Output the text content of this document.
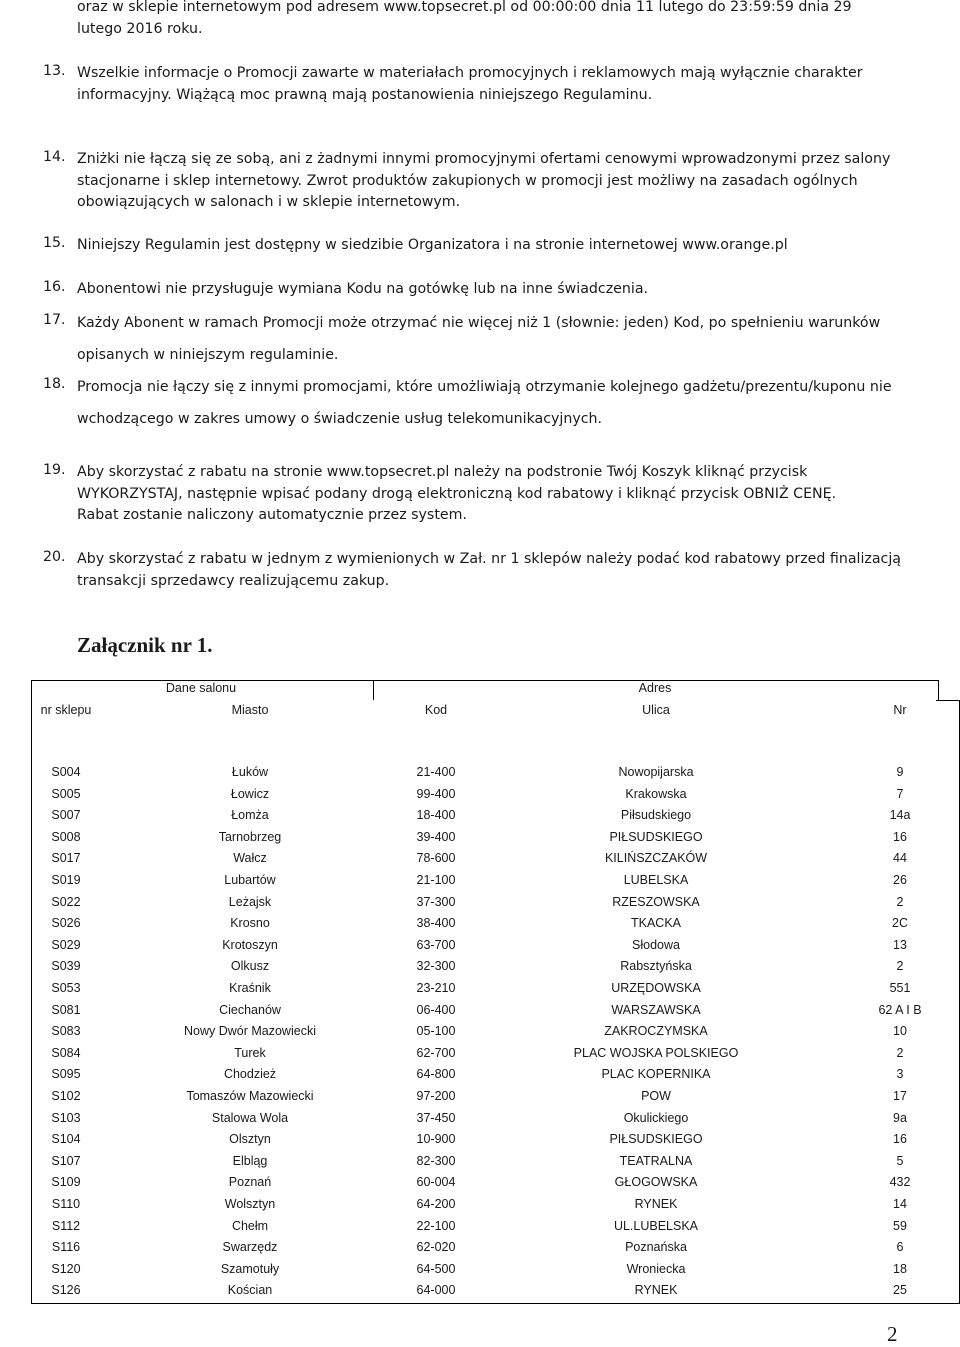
oraz w sklepie internetowym pod adresem www.topsecret.pl od 00:00:00 dnia 11 lutego do 23:59:59 dnia 29
lutego 2016 roku.
13. Wszelkie informacje o Promocji zawarte w materiałach promocyjnych i reklamowych mają wyłącznie charakter
informacyjny. Wiążącą moc prawną mają postanowienia niniejszego Regulaminu.
14. Zniżki nie łączą się ze sobą, ani z żadnymi innymi promocyjnymi ofertami cenowymi wprowadzonymi przez salony
stacjonarne i sklep internetowy. Zwrot produktów zakupionych w promocji jest możliwy na zasadach ogólnych
obowiązujących w salonach i w sklepie internetowym.
15. Niniejszy Regulamin jest dostępny w siedzibie Organizatora i na stronie internetowej www.orange.pl
16. Abonentowi nie przysługuje wymiana Kodu na gotówkę lub na inne świadczenia.
17. Każdy Abonent w ramach Promocji może otrzymać nie więcej niż 1 (słownie: jeden) Kod, po spełnieniu warunków
opisanych w niniejszym regulaminie.
18. Promocja nie łączy się z innymi promocjami, które umożliwiają otrzymanie kolejnego gadżetu/prezentu/kuponu nie
wchodzącego w zakres umowy o świadczenie usług telekomunikacyjnych.
19. Aby skorzystać z rabatu na stronie www.topsecret.pl należy na podstronie Twój Koszyk kliknąć przycisk
WYKORZYSTAJ, następnie wpisać podany drogą elektroniczną kod rabatowy i kliknąć przycisk OBNIŻ CENĘ.
Rabat zostanie naliczony automatycznie przez system.
20. Aby skorzystać z rabatu w jednym z wymienionych w Zał. nr 1 sklepów należy podać kod rabatowy przed finalizacją
transakcji sprzedawcy realizującemu zakup.
Załącznik nr 1.
Dane salonu	Adres
nr sklepu	Miasto	Kod	Ulica	Nr
S004	Łuków	21-400	Nowopijarska	9
S005	Łowicz	99-400	Krakowska	7
S007	Łomża	18-400	Piłsudskiego	14a
S008	Tarnobrzeg	39-400	PIŁSUDSKIEGO	16
S017	Wałcz	78-600	KILIŃSZCZAKÓW	44
S019	Lubartów	21-100	LUBELSKA	26
S022	Leżajsk	37-300	RZESZOWSKA	2
S026	Krosno	38-400	TKACKA	2C
S029	Krotoszyn	63-700	Słodowa	13
S039	Olkusz	32-300	Rabsztyńska	2
S053	Kraśnik	23-210	URZĘDOWSKA	551
S081	Ciechanów	06-400	WARSZAWSKA	62 A I B
S083	Nowy Dwór Mazowiecki	05-100	ZAKROCZYMSKA	10
S084	Turek	62-700	PLAC WOJSKA POLSKIEGO	2
S095	Chodzież	64-800	PLAC KOPERNIKA	3
S102	Tomaszów Mazowiecki	97-200	POW	17
S103	Stalowa Wola	37-450	Okulickiego	9a
S104	Olsztyn	10-900	PIŁSUDSKIEGO	16
S107	Elbląg	82-300	TEATRALNA	5
S109	Poznań	60-004	GŁOGOWSKA	432
S110	Wolsztyn	64-200	RYNEK	14
S112	Chełm	22-100	UL.LUBELSKA	59
S116	Swarzędz	62-020	Poznańska	6
S120	Szamotuły	64-500	Wroniecka	18
S126	Kościan	64-000	RYNEK	25
2
